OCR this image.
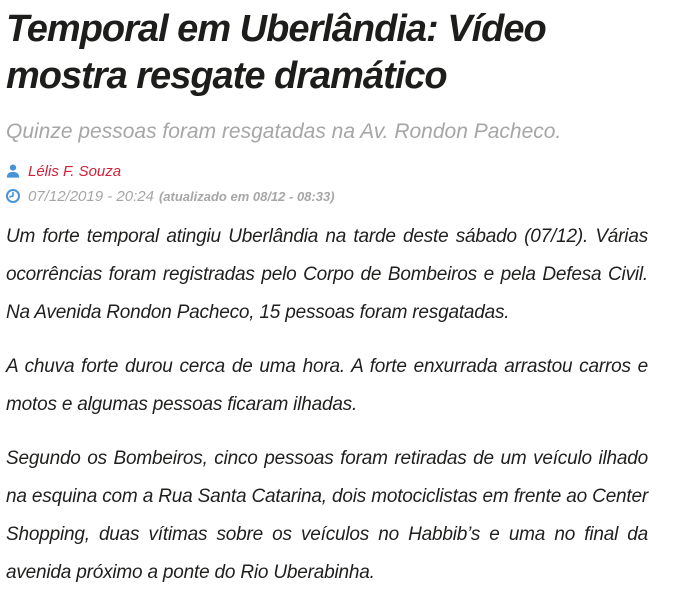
Temporal em Uberlândia: Vídeo mostra resgate dramático

Quinze pessoas foram resgatadas na Av. Rondon Pacheco.

Lélis F. Souza
07/12/2019 - 20:24 (atualizado em 08/12 - 08:33)

Um forte temporal atingiu Uberlândia na tarde deste sábado (07/12). Várias ocorrências foram registradas pelo Corpo de Bombeiros e pela Defesa Civil. Na Avenida Rondon Pacheco, 15 pessoas foram resgatadas.

A chuva forte durou cerca de uma hora. A forte enxurrada arrastou carros e motos e algumas pessoas ficaram ilhadas.

Segundo os Bombeiros, cinco pessoas foram retiradas de um veículo ilhado na esquina com a Rua Santa Catarina, dois motociclistas em frente ao Center Shopping, duas vítimas sobre os veículos no Habbib’s e uma no final da avenida próximo a ponte do Rio Uberabinha.
